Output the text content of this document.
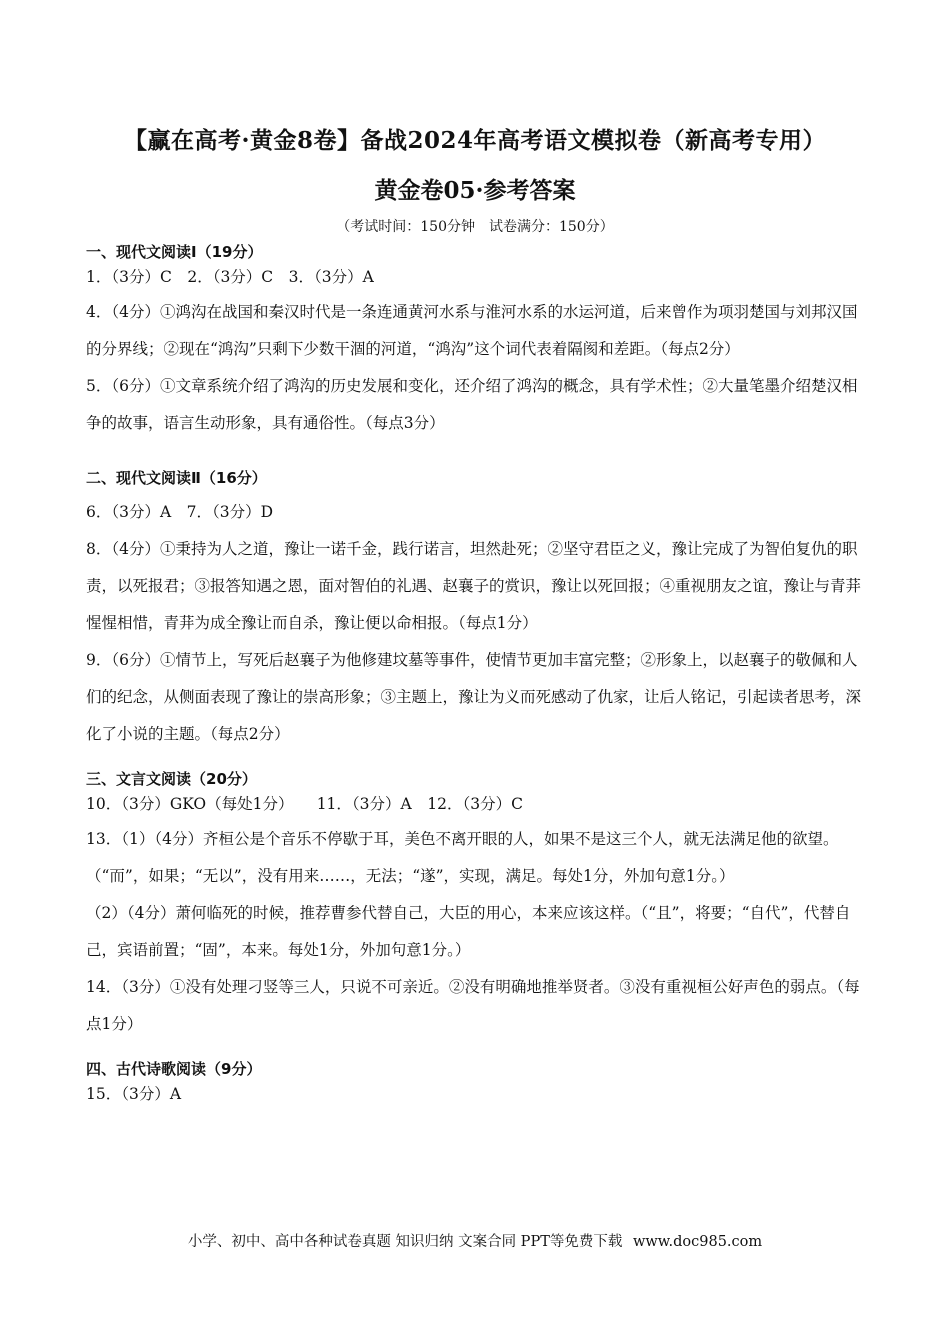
【赢在高考·黄金8卷】备战2024年高考语文模拟卷（新高考专用）
黄金卷05·参考答案
（考试时间：150分钟　试卷满分：150分）

一、现代文阅读Ⅰ（19分）

1．（3分）C　2．（3分）C　3．（3分）A

4．（4分）①鸿沟在战国和秦汉时代是一条连通黄河水系与淮河水系的水运河道，后来曾作为项羽楚国与刘邦汉国的分界线；②现在“鸿沟”只剩下少数干涸的河道，“鸿沟”这个词代表着隔阂和差距。（每点2分）

5．（6分）①文章系统介绍了鸿沟的历史发展和变化，还介绍了鸿沟的概念，具有学术性；②大量笔墨介绍楚汉相争的故事，语言生动形象，具有通俗性。（每点3分）

二、现代文阅读Ⅱ（16分）

6．（3分）A　7．（3分）D

8．（4分）①秉持为人之道，豫让一诺千金，践行诺言，坦然赴死；②坚守君臣之义，豫让完成了为智伯复仇的职责，以死报君；③报答知遇之恩，面对智伯的礼遇、赵襄子的赏识，豫让以死回报；④重视朋友之谊，豫让与青荓惺惺相惜，青荓为成全豫让而自杀，豫让便以命相报。（每点1分）

9．（6分）①情节上，写死后赵襄子为他修建坟墓等事件，使情节更加丰富完整；②形象上，以赵襄子的敬佩和人们的纪念，从侧面表现了豫让的崇高形象；③主题上，豫让为义而死感动了仇家，让后人铭记，引起读者思考，深化了小说的主题。（每点2分）

三、文言文阅读（20分）

10．（3分）GKO（每处1分）　　11．（3分）A　12．（3分）C

13．（1）（4分）齐桓公是个音乐不停歇于耳，美色不离开眼的人，如果不是这三个人，就无法满足他的欲望。（“而”，如果；“无以”，没有用来……，无法；“遂”，实现，满足。每处1分，外加句意1分。）

（2）（4分）萧何临死的时候，推荐曹参代替自己，大臣的用心，本来应该这样。（“且”，将要；“自代”，代替自己，宾语前置；“固”，本来。每处1分，外加句意1分。）

14．（3分）①没有处理刁竖等三人，只说不可亲近。②没有明确地推举贤者。③没有重视桓公好声色的弱点。（每点1分）

四、古代诗歌阅读（9分）

15．（3分）A

小学、初中、高中各种试卷真题 知识归纳 文案合同 PPT等免费下载 www.doc985.com
